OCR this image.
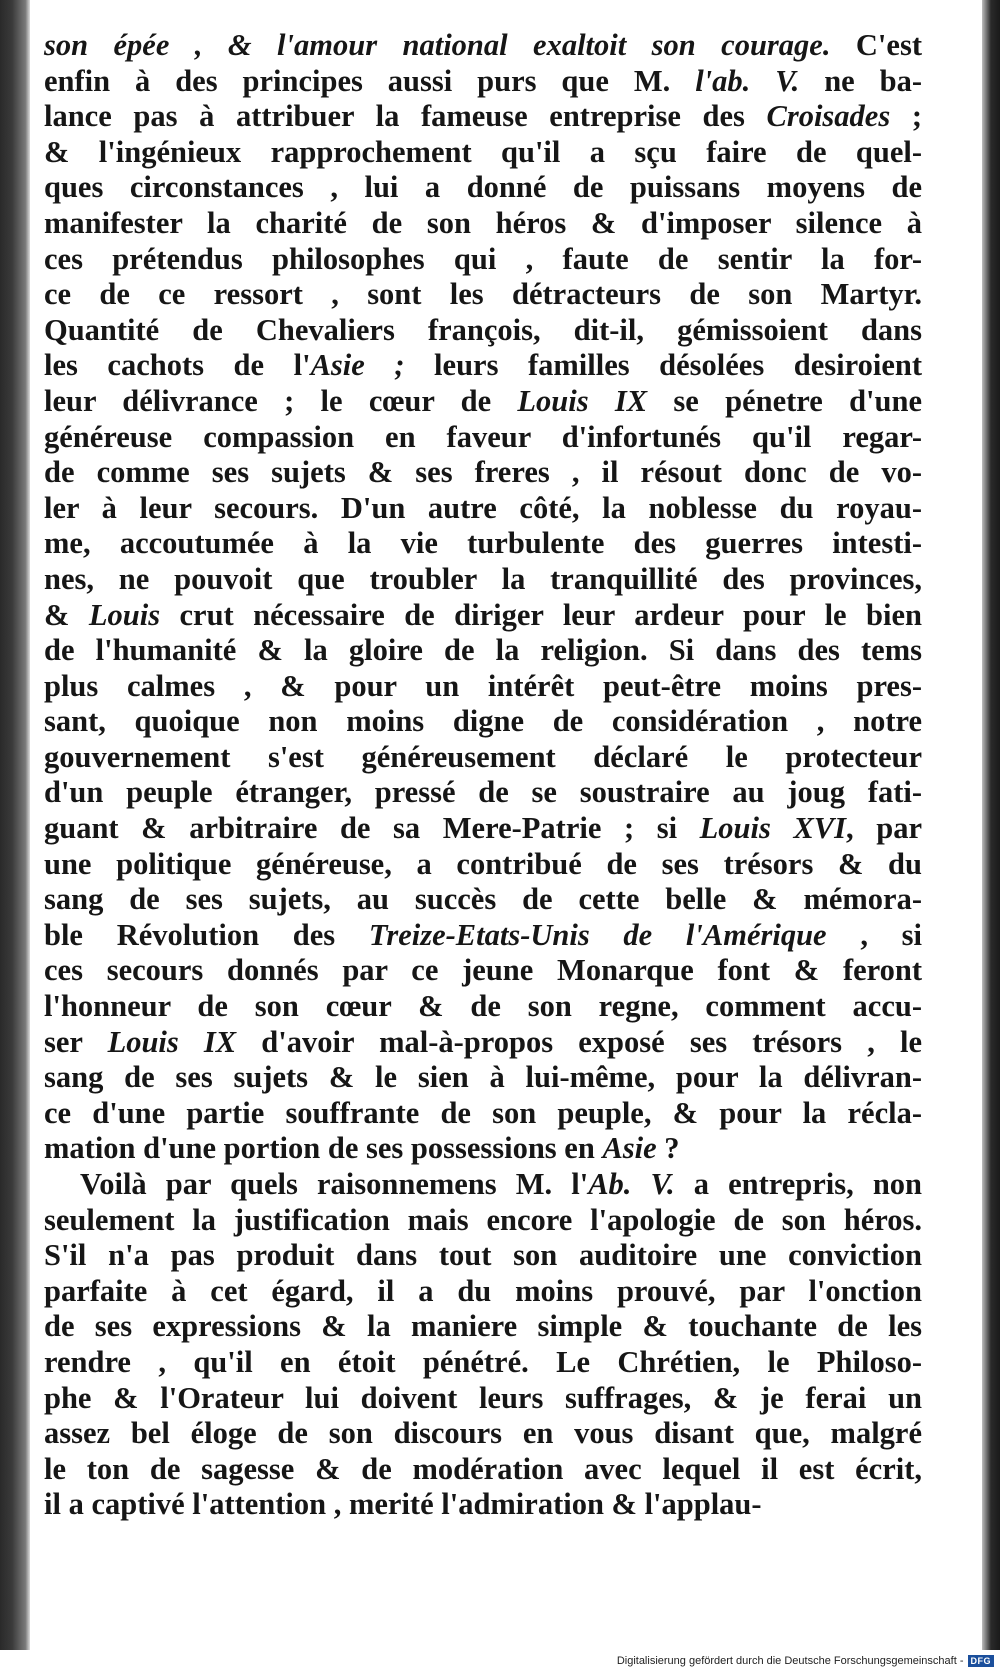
son épée , & l'amour national exaltoit son courage. C'est
enfin à des principes aussi purs que M. l'ab. V. ne ba-
lance pas à attribuer la fameuse entreprise des Croisades ;
& l'ingénieux rapprochement qu'il a sçu faire de quel-
ques circonstances , lui a donné de puissans moyens de
manifester la charité de son héros & d'imposer silence à
ces prétendus philosophes qui , faute de sentir la for-
ce de ce ressort , sont les détracteurs de son Martyr.
Quantité de Chevaliers françois, dit-il, gémissoient dans
les cachots de l'Asie ; leurs familles désolées desiroient
leur délivrance ; le cœur de Louis IX se pénetre d'une
généreuse compassion en faveur d'infortunés qu'il regar-
de comme ses sujets & ses freres , il résout donc de vo-
ler à leur secours. D'un autre côté, la noblesse du royau-
me, accoutumée à la vie turbulente des guerres intesti-
nes, ne pouvoit que troubler la tranquillité des provinces,
& Louis crut nécessaire de diriger leur ardeur pour le bien
de l'humanité & la gloire de la religion. Si dans des tems
plus calmes , & pour un intérêt peut-être moins pres-
sant, quoique non moins digne de considération , notre
gouvernement s'est généreusement déclaré le protecteur
d'un peuple étranger, pressé de se soustraire au joug fati-
guant & arbitraire de sa Mere-Patrie ; si Louis XVI, par
une politique généreuse, a contribué de ses trésors & du
sang de ses sujets, au succès de cette belle & mémora-
ble Révolution des Treize-Etats-Unis de l'Amérique , si
ces secours donnés par ce jeune Monarque font & feront
l'honneur de son cœur & de son regne, comment accu-
ser Louis IX d'avoir mal-à-propos exposé ses trésors , le
sang de ses sujets & le sien à lui-même, pour la délivran-
ce d'une partie souffrante de son peuple, & pour la récla-
mation d'une portion de ses possessions en Asie ?

Voilà par quels raisonnemens M. l'Ab. V. a entrepris, non
seulement la justification mais encore l'apologie de son héros.
S'il n'a pas produit dans tout son auditoire une conviction
parfaite à cet égard, il a du moins prouvé, par l'onction
de ses expressions & la maniere simple & touchante de les
rendre , qu'il en étoit pénétré. Le Chrétien, le Philoso-
phe & l'Orateur lui doivent leurs suffrages, & je ferai un
assez bel éloge de son discours en vous disant que, malgré
le ton de sagesse & de modération avec lequel il est écrit,
il a captivé l'attention , merité l'admiration & l'applau-

Digitalisierung gefördert durch die Deutsche Forschungsgemeinschaft - DFG
